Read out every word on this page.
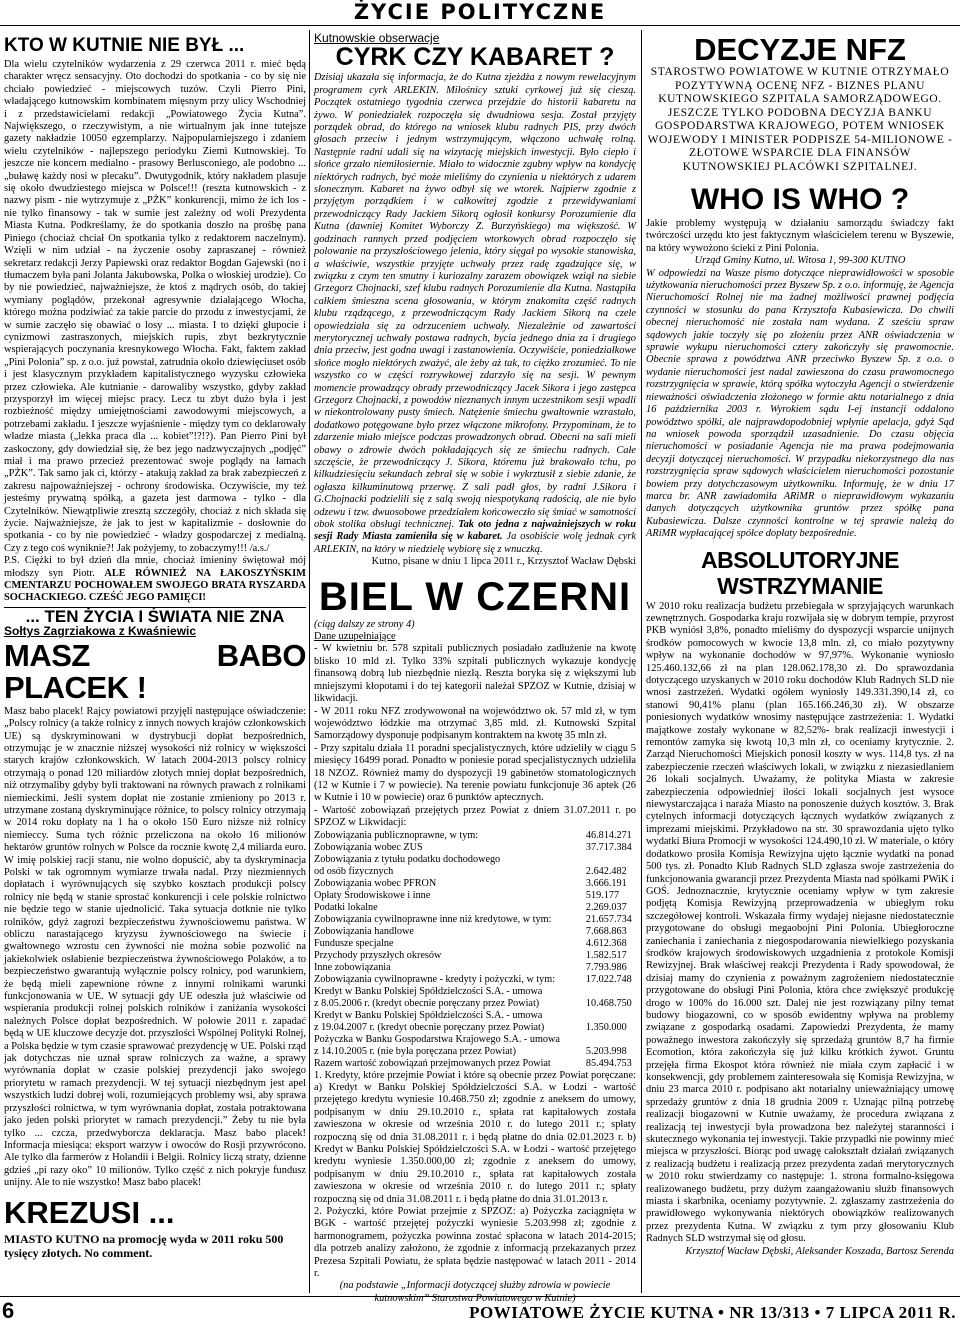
ŻYCIE POLITYCZNE
KTO W KUTNIE NIE BYŁ ...

Dla wielu czytelników wydarzenia z 29 czerwca 2011 r. mieć będą charakter wręcz sensacyjny. Oto dochodzi do spotkania - co by się nie chciało powiedzieć - miejscowych tuzów. Czyli Pierro Pini, władającego kutnowskim kombinatem mięsnym przy ulicy Wschodniej i z przedstawicielami redakcji „Powiatowego Życia Kutna”. Największego, o rzeczywistym, a nie wirtualnym jak inne tutejsze gazety nakładzie 10050 egzemplarzy. Najpopularniejszego i zdaniem wielu czytelników - najlepszego periodyku Ziemi Kutnowskiej. To jeszcze nie koncern medialno - prasowy Berlusconiego, ale podobno ... „buławę każdy nosi w plecaku”. Dwutygodnik, który nakładem plasuje się około dwudziestego miejsca w Polsce!!! (reszta kutnowskich - z nazwy pism - nie wytrzymuje z „PŻK” konkurencji, mimo że ich los - nie tylko finansowy - tak w sumie jest zależny od woli Prezydenta Miasta Kutna. Podkreślamy, że do spotkania doszło na prośbę pana Piniego (chociaż chciał On spotkania tylko z redaktorem naczelnym). Wzięli w nim udział - na życzenie osoby zapraszanej - również sekretarz redakcji Jerzy Papiewski oraz redaktor Bogdan Gajewski (no i tłumaczem była pani Jolanta Jakubowska, Polka o włoskiej urodzie). Co by nie powiedzieć, najważniejsze, że ktoś z mądrych osób, do takiej wymiany poglądów, przekonał agresywnie działającego Włocha, którego można podziwiać za takie parcie do przodu z inwestycjami, że w sumie zaczęło się obawiać o losy ... miasta. I to dzięki głupocie i cynizmowi zastraszonych, miejskich rupis, zbyt bezkrytycznie wspierających poczynania kresnykowego Włocha. Fakt, faktem zakład „Pini Polonia” sp. z o.o. już powstał, zatrudnia około dziewięciuset osób i jest klasycznym przykładem kapitalistycznego wyzysku człowieka przez człowieka. Ale kutnianie - darowaliby wszystko, gdyby zakład przysporzył im więcej miejsc pracy. Lecz tu zbyt dużo była i jest rozbieżność między umiejętnościami zawodowymi miejscowych, a potrzebami zakładu. I jeszcze wyjaśnienie - między tym co deklarowały władze miasta („lekka praca dla ... kobiet”!?!?). Pan Pierro Pini był zaskoczony, gdy dowiedział się, że bez jego nadzwyczajnych „podjęć” miał i ma prawo przecież prezentować swoje poglądy na łamach „PŻK”. Tak samo jak ci, którzy - atakują zakład za brak zabezpieczeń z zakresu najpoważniejszej - ochrony środowiska. Oczywiście, my też jesteśmy prywatną spółką, a gazeta jest darmowa - tylko - dla Czytelników. Niewątpliwie zresztą szczegóły, chociaż z nich składa się życie. Najważniejsze, że jak to jest w kapitalizmie - dosłownie do spotkania - co by nie powiedzieć - władzy gospodarczej z medialną. Czy z tego coś wyniknie?! Jak pożyjemy, to zobaczymy!!! /a.s./

P.S. Ciężki to był dzień dla mnie, chociaż imieniny świętował mój młodszy syn Piotr. ALE RÓWNIEŻ NA ŁAKOSZYŃSKIM CMENTARZU POCHOWAŁEM SWOJEGO BRATA RYSZARDA SOCHACKIEGO. CZEŚĆ JEGO PAMIĘCI!

... TEN ŻYCIA I ŚWIATA NIE ZNA
Sołtys Zagrziakowa z Kwaśniewic
MASZ BABO PLACEK !

Masz babo placek! Rajcy powiatowi przyjęli następujące oświadczenie: „Polscy rolnicy (a także rolnicy z innych nowych krajów członkowskich UE) są dyskryminowani w dystrybucji dopłat bezpośrednich, otrzymując je w znacznie niższej wysokości niż rolnicy w większości starych krajów członkowskich. W latach 2004-2013 polscy rolnicy otrzymają o ponad 120 miliardów złotych mniej dopłat bezpośrednich, niż otrzymaliby gdyby byli traktowani na równych prawach z rolnikami niemieckimi. Jeśli system dopłat nie zostanie zmieniony po 2013 r. utrzymane zostaną dyskryminujące różnice, to polscy rolnicy otrzymają w 2014 roku dopłaty na 1 ha o około 150 Euro niższe niż rolnicy niemieccy. Suma tych różnic przeliczona na około 16 milionów hektarów gruntów rolnych w Polsce da rocznie kwotę 2,4 miliarda euro. W imię polskiej racji stanu, nie wolno dopuścić, aby ta dyskryminacja Polski w tak ogromnym wymiarze trwała nadal. Przy niezmiennych dopłatach i wyrównujących się szybko kosztach produkcji polscy rolnicy nie będą w stanie sprostać konkurencji i cele polskie rolnictwo nie będzie tego w stanie ujednolicić. Taka sytuacja dotknie nie tylko rolników, gdyż zagrozi bezpieczeństwu żywnościowemu państwa. W obliczu narastającego kryzysu żywnościowego na świecie i gwałtownego wzrostu cen żywności nie można sobie pozwolić na jakiekolwiek osłabienie bezpieczeństwa żywnościowego Polaków, a to bezpieczeństwo gwarantują wyłącznie polscy rolnicy, pod warunkiem, że będą mieli zapewnione równe z innymi rolnikami warunki funkcjonowania w UE. W sytuacji gdy UE odeszła już właściwie od wspierania produkcji rolnej polskich rolników i zaniżania wysokości należnych Polsce dopłat bezpośrednich. W połowie 2011 r. zapadać będą w UE kluczowe decyzje dot. przyszłości Wspólnej Polityki Rolnej, a Polska będzie w tym czasie sprawować prezydencję w UE. Polski rząd jak dotychczas nie uznał spraw rolniczych za ważne, a sprawy wyrównania dopłat w czasie polskiej prezydencji jako swojego priorytetu w ramach prezydencji. W tej sytuacji niezbędnym jest apel wszystkich ludzi dobrej woli, rozumiejących problemy wsi, aby sprawa przyszłości rolnictwa, w tym wyrównania dopłat, została potraktowana jako jeden polski priorytet w ramach prezydencji.” Żeby tu nie była tylko ... czcza, przedwyborcza deklaracja. Masz babo placek! Informacja miesiąca: eksport warzyw i owoców do Rosji przywrócono. Ale tylko dla farmerów z Holandii i Belgii. Rolnicy liczą straty, dzienne gdzieś „pi razy oko” 10 milionów. Tylko część z nich pokryje fundusz unijny. Ale to nie wszystko! Masz babo placek!

KREZUSI ...

MIASTO KUTNO na promocję wyda w 2011 roku 500 tysięcy złotych. No comment.

Kutnowskie obserwacje
CYRK CZY KABARET ?

Dzisiaj ukazała się informacja, że do Kutna zjeżdża z nowym rewelacyjnym programem cyrk ARLEKIN. Miłośnicy sztuki cyrkowej już się cieszą. Początek ostatniego tygodnia czerwca przejdzie do historii kabaretu na żywo. W poniedziałek rozpoczęła się dwudniowa sesja. Został przyjęty porządek obrad, do którego na wniosek klubu radnych PIS, przy dwóch głosach przeciw i jednym wstrzymującym, włączono uchwałę rolną. Następnie radni udali się na wizytację miejskich inwestycji. Było ciepło i słońce grzało niemiłosiernie. Miało to widocznie zgubny wpływ na kondycję niektórych radnych, być może mieliśmy do czynienia u niektórych z udarem słonecznym. Kabaret na żywo odbył się we wtorek. Najpierw zgodnie z przyjętym porządkiem i w całkowitej zgodzie z przewidywaniami przewodniczący Rady Jackiem Sikorą ogłosił konkursy Porozumienie dla Kutna (dawniej Komitet Wyborczy Z. Burzyńskiego) ma większość. W godzinach rannych przed podjęciem wtorkowych obrad rozpoczęło się polowanie na przyszłościowego jelenia, który sięgał po wysokie stanowiska, a właściwie, wszystkie przyjęte uchwały przez radę zgadzające się, w związku z czym ten smutny i kuriozalny zarazem obowiązek wziął na siebie Grzegorz Chojnacki, szef klubu radnych Porozumienie dla Kutna. Nastąpiła całkiem śmieszna scena głosowania, w którym znakomita część radnych klubu rządzącego, z przewodniczącym Rady Jackiem Sikorą na czele opowiedziała się za odrzuceniem uchwały. Niezależnie od zawartości merytorycznej uchwały postawa radnych, bycia jednego dnia za i drugiego dnia przeciw, jest godna uwagi i zastanowienia. Oczywiście, poniedziałkowe słońce mogło niektórych zważyć, ale żeby aż tak, to ciężko zrozumieć. To nie wszystko co w części rozrywkowej zdarzyło się na sesji. W pewnym momencie prowadzący obrady przewodniczący Jacek Sikora i jego zastępca Grzegorz Chojnacki, z powodów nieznanych innym uczestnikom sesji wpadli w niekontrolowany pusty śmiech. Natężenie śmiechu gwałtownie wzrastało, dodatkowo potęgowane było przez włączone mikrofony. Przypominam, że to zdarzenie miało miejsce podczas prowadzonych obrad. Obecni na sali mieli obawy o zdrowie dwóch pokładających się ze śmiechu radnych. Całe szczęście, że przewodniczący J. Sikora, któremu już brakowało tchu, po kilkudziesięciu sekundach zebrał się w sobie i wykrztusił z siebie zdanie, że ogłasza kilkuminutową przerwę. Z sali padł głos, by radni J.Sikora i G.Chojnacki podzielili się z salą swoją niespotykaną radością, ale nie było odzewu i tzw. dwuosobowe przedziałem końcoweczło się śmiać w samotności obok stolika obsługi technicznej. Tak oto jedna z najważniejszych w roku sesji Rady Miasta zamieniła się w kabaret. Ja osobiście wolę jednak cyrk ARLEKIN, na który w niedzielę wybiorę się z wnuczką.

Kutno, pisane w dniu 1 lipca 2011 r., Krzysztof Wacław Dębski

BIEL W CZERNI

(ciąg dalszy ze strony 4)

Dane uzupełniające

- W kwietniu br. 578 szpitali publicznych posiadało zadłużenie na kwotę blisko 10 mld zł. Tylko 33% szpitali publicznych wykazuje kondycję finansową dobrą lub niezbędnie niezłą. Reszta boryka się z większymi lub mniejszymi kłopotami i do tej kategorii należał SPZOZ w Kutnie, dzisiaj w likwidacji.

- W 2011 roku NFZ zrodywowonał na województwo ok. 57 mld zł, w tym województwo łódzkie ma otrzymać 3,85 mld. zł. Kutnowski Szpital Samorządowy dysponuje podpisanym kontraktem na kwotę 35 mln zł.

- Przy szpitalu działa 11 poradni specjalistycznych, które udzieliły w ciągu 5 miesięcy 16499 porad. Ponadto w poniesie porad specjalistycznych udzieliła 18 NZOZ. Również mamy do dyspozycji 19 gabinetów stomatologicznych (12 w Kutnie i 7 w powiecie). Na terenie powiatu funkcjonuje 36 aptek (26 w Kutnie i 10 w powiecie) oraz 6 punktów aptecznych.

- Wartość zobowiązań przejętych przez Powiat z dniem 31.07.2011 r. po SPZOZ w Likwidacji:

Zobowiązania publicznoprawne, w tym:	46.814.271
Zobowiązania wobec ZUS	37.717.384
Zobowiązania z tytułu podatku dochodowego	
od osób fizycznych	2.642.482
Zobowiązania wobec PFRON	3.666.191
Opłaty Środowiskowe i inne	519.177
Podatki lokalne	2.269.037
Zobowiązania cywilnoprawne inne niż kredytowe, w tym:	21.657.734
Zobowiązania handlowe	7.668.863
Fundusze specjalne	4.612.368
Przychody przyszłych okresów	1.582.517
Inne zobowiązania	7.793.986
Zobowiązania cywilnoprawne - kredyty i pożyczki, w tym:	17.022.748
Kredyt w Banku Polskiej Spółdzielczości S.A. - umowa	
z 8.05.2006 r. (kredyt obecnie poręczany przez Powiat)	10.468.750
Kredyt w Banku Polskiej Spółdzielczości S.A. - umowa	
z 19.04.2007 r. (kredyt obecnie poręczany przez Powiat)	1.350.000
Pożyczka w Banku Gospodarstwa Krajowego S.A. - umowa	
z 14.10.2005 r. (nie była poręczana przez Powiat)	5.203.998
Razem wartość zobowiązań przejmowanych przez Powiat	85.494.753

1. Kredyty, które przejmie Powiat i które są obecnie przez Powiat poręczane: a) Kredyt w Banku Polskiej Spółdzielczości S.A. w Łodzi - wartość przejętego kredytu wyniesie 10.468.750 zł; zgodnie z aneksem do umowy, podpisanym w dniu 29.10.2010 r., spłata rat kapitałowych została zawieszona w okresie od września 2010 r. do lutego 2011 r.; spłaty rozpoczną się od dnia 31.08.2011 r. i będą płatne do dnia 02.01.2023 r. b) Kredyt w Banku Polskiej Spółdzielczości S.A. w Łodzi - wartość przejętego kredytu wyniesie 1.350.000,00 zł; zgodnie z aneksem do umowy, podpisanym w dniu 29.10.2010 r., spłata rat kapitałowych została zawieszona w okresie od września 2010 r. do lutego 2011 r.; spłaty rozpoczną się od dnia 31.08.2011 r. i będą płatne do dnia 31.01.2013 r.

2. Pożyczki, które Powiat przejmie z SPZOZ: a) Pożyczka zaciągnięta w BGK - wartość przejętej pożyczki wyniesie 5.203.998 zł; zgodnie z harmonogramem, pożyczka powinna zostać spłacona w latach 2014-2015; dla potrzeb analizy założono, że zgodnie z informacją przekazanych przez Prezesa Szpitali Powiatu, że spłata będzie następować w latach 2011 - 2014 r.

(na podstawie „Informacji dotyczącej służby zdrowia w powiecie kutnowskim” Starostwa Powiatowego w Kutnie)

DECYZJE NFZ

STAROSTWO POWIATOWE W KUTNIE OTRZYMAŁO POZYTYWNĄ OCENĘ NFZ - BIZNES PLANU KUTNOWSKIEGO SZPITALA SAMORZĄDOWEGO. JESZCZE TYLKO PODOBNA DECYZJA BANKU GOSPODARSTWA KRAJOWEGO, POTEM WNIOSEK WOJEWODY I MINISTER PODPISZE 54-MILIONOWE - ZŁOTOWE WSPARCIE DLA FINANSÓW KUTNOWSKIEJ PLACÓWKI SZPITALNEJ.

WHO IS WHO ?

Jakie problemy występują w działaniu samorządu świadczy fakt twórczości urzędu kto jest faktycznym właścicielem terenu w Byszewie, na który wywożono ścieki z Pini Polonia.

Urząd Gminy Kutno, ul. Witosa 1, 99-300 KUTNO

W odpowiedzi na Wasze pismo dotyczące nieprawidłowości w sposobie użytkowania nieruchomości przez Byszew Sp. z o.o. informuję, że Agencja Nieruchomości Rolnej nie ma żadnej możliwości prawnej podjęcia czynności w stosunku do pana Krzysztofa Kubasiewicza. Do chwili obecnej nieruchomość nie została nam wydana. Z sześciu spraw sądowych jakie toczyły się po złożeniu przez ANR oświadczenia w sprawie wykupu nieruchomości cztery zakończyły się prawomocnie. Obecnie sprawa z powództwa ANR przeciwko Byszew Sp. z o.o. o wydanie nieruchomości jest nadal zawieszona do czasu prawomocnego rozstrzygnięcia w sprawie, którą spółka wytoczyła Agencji o stwierdzenie nieważności oświadczenia złożonego w formie aktu notarialnego z dnia 16 października 2003 r. Wyrokiem sądu I-ej instancji oddalono powództwo spółki, ale najprawdopodobniej wpłynie apelacja, gdyż Sąd na wniosek powoda sporządził uzasadnienie. Do czasu objęcia nieruchomości w posiadanie Agencja nie ma prawa podejmowania decyzji dotyczącej nieruchomości. W przypadku niekorzystnego dla nas rozstrzygnięcia spraw sądowych właścicielem nieruchomości pozostanie bowiem przy dotychczasowym użytkowniku. Informuję, że w dniu 17 marca br. ANR zawiadomiła ARiMR o nieprawidłowym wykazaniu danych dotyczących użytkownika gruntów przez spółkę pana Kubasiewicza. Dalsze czynności kontrolne w tej sprawie należą do ARiMR wypłacającej spółce dopłaty bezpośrednie.

ABSOLUTORYJNE WSTRZYMANIE

W 2010 roku realizacja budżetu przebiegała w sprzyjających warunkach zewnętrznych. Gospodarka kraju rozwijała się w dobrym tempie, przyrost PKB wyniósł 3,8%, ponadto mieliśmy do dyspozycji wsparcie unijnych środków pomocowych w kwocie 13,8 mln. zł, co miało pozytywny wpływ na wykonanie dochodów w 97,97%. Wykonanie wyniosło 125.460.132,66 zł na plan 128.062.178,30 zł. Do sprawozdania dotyczącego uzyskanych w 2010 roku dochodów Klub Radnych SLD nie wnosi zastrzeżeń. Wydatki ogółem wyniosły 149.331.390,14 zł, co stanowi 90,41% planu (plan 165.166.246,30 zł). W obszarze poniesionych wydatków wnosimy następujące zastrzeżenia: 1. Wydatki majątkowe zostały wykonane w 82,52%- brak realizacji inwestycji i remontów zamyka się kwotą 10,3 mln zł, co oceniamy krytycznie. 2. Zarząd Nieruchomości Miejskich ponosił koszty w wys. 114,8 tys. zł na zabezpieczenie rzeczeń właściwych lokali, w związku z niezasiedlaniem 26 lokali socjalnych. Uważamy, że polityka Miasta w zakresie zabezpieczenia odpowiedniej ilości lokali socjalnych jest wysoce niewystarczająca i naraża Miasto na ponoszenie dużych kosztów. 3. Brak cytelnych informacji dotyczących łącznych wydatków związanych z imprezami miejskimi. Przykładowo na str. 30 sprawozdania ujęto tylko wydatki Biura Promocji w wysokości 124.490,10 zł. W materiale, o który dodatkowo prosiła Komisja Rewizyjna ujęto łącznie wydatki na ponad 500 tys. zł. Ponadto Klub Radnych SLD zgłasza swoje zastrzeżenia do funkcjonowania gwarancji przez Prezydenta Miasta nad spółkami PWiK i GOŚ. Jednoznacznie, krytycznie oceniamy wpływ w tym zakresie podjętą Komisja Rewizyjną przeprowadzenia w ubiegłym roku szczegółowej kontroli. Wskazała firmy wydajej niejasne niedostatecznie przygotowane do obsługi megaobojni Pini Polonia. Ubiegłoroczne zaniechania i zaniechania z niegospodarowania niewielkiego pozyskania środków krajowych środowiskowych uzgadnienia z protokole Komisji Rewizyjnej. Brak właściwej reakcji Prezydenta i Rady spowodował, że dzisiaj mamy do czynienia z poważnym zagrożeniem niedostatecznie przygotowane do obsługi Pini Polonia, która chce zwiększyć produkcję drogo w 100% do 16.000 szt. Dalej nie jest rozwiązany pilny temat budowy biogazowni, co w sposób ewidentny wpływa na problemy związane z gospodarką osadami. Zapowiedzi Prezydenta, że mamy poważnego inwestora zakończyły się sprzedażą gruntów 8,7 ha firmie Ecomotion, która zakończyła się już kilku krótkich żywot. Gruntu przejęła firma Ekospot która również nie miała czym zapłacić i w konsekwencji, gdy problemem zainteresowała się Komisja Rewizyjna, w dniu 23 marca 2010 r. podpisano akt notarialny unieważniający umowę sprzedaży gruntów z dnia 18 grudnia 2009 r. Uznając pilną potrzebę realizacji biogazowni w Kutnie uważamy, że procedura związana z realizacją tej inwestycji była prowadzona bez należytej staranności i skutecznego wykonania tej inwestycji. Takie przypadki nie powinny mieć miejsca w przyszłości. Biorąc pod uwagę całokształt działań związanych z realizacją budżetu i realizacją przez prezydenta zadań merytorycznych w 2010 roku stwierdzamy co następuje: 1. strona formalno-księgowa realizowanego budżetu, przy dużym zaangażowaniu służb finansowych miasta i skarbnika, oceniamy pozytywnie. 2. zgłaszamy zastrzeżenia do prawidłowego wykonywania niektórych obowiązków realizowanych przez prezydenta Kutna. W związku z tym przy głosowaniu Klub Radnych SLD wstrzymał się od głosu.

Krzysztof Wacław Dębski, Aleksander Koszada, Bartosz Serenda

6	POWIATOWE ŻYCIE KUTNA • NR 13/313 • 7 LIPCA 2011 R.
